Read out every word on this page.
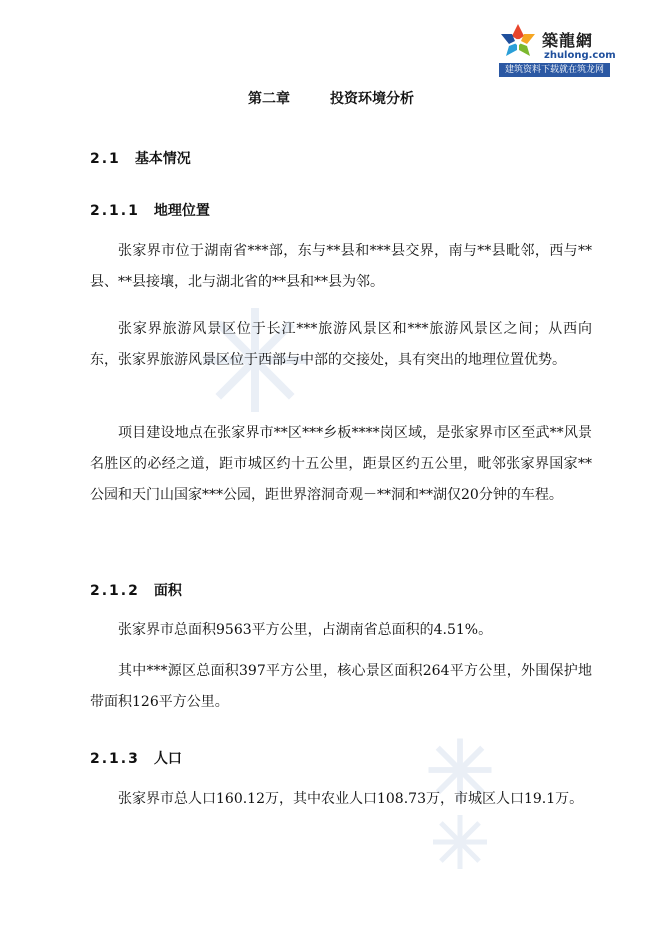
築龍網
zhulong.com
建筑资料下载就在筑龙网
第二章	投资环境分析
2.1 基本情况
2.1.1 地理位置
张家界市位于湖南省***部，东与**县和***县交界，南与**县毗邻，西与**县、**县接壤，北与湖北省的**县和**县为邻。
张家界旅游风景区位于长江***旅游风景区和***旅游风景区之间；从西向东，张家界旅游风景区位于西部与中部的交接处，具有突出的地理位置优势。
项目建设地点在张家界市**区***乡板****岗区域，是张家界市区至武**风景名胜区的必经之道，距市城区约十五公里，距景区约五公里，毗邻张家界国家**公园和天门山国家***公园，距世界溶洞奇观－**洞和**湖仅20分钟的车程。
2.1.2 面积
张家界市总面积9563平方公里，占湖南省总面积的4.51%。
其中***源区总面积397平方公里，核心景区面积264平方公里，外围保护地带面积126平方公里。
2.1.3 人口
张家界市总人口160.12万，其中农业人口108.73万，市城区人口19.1万。
